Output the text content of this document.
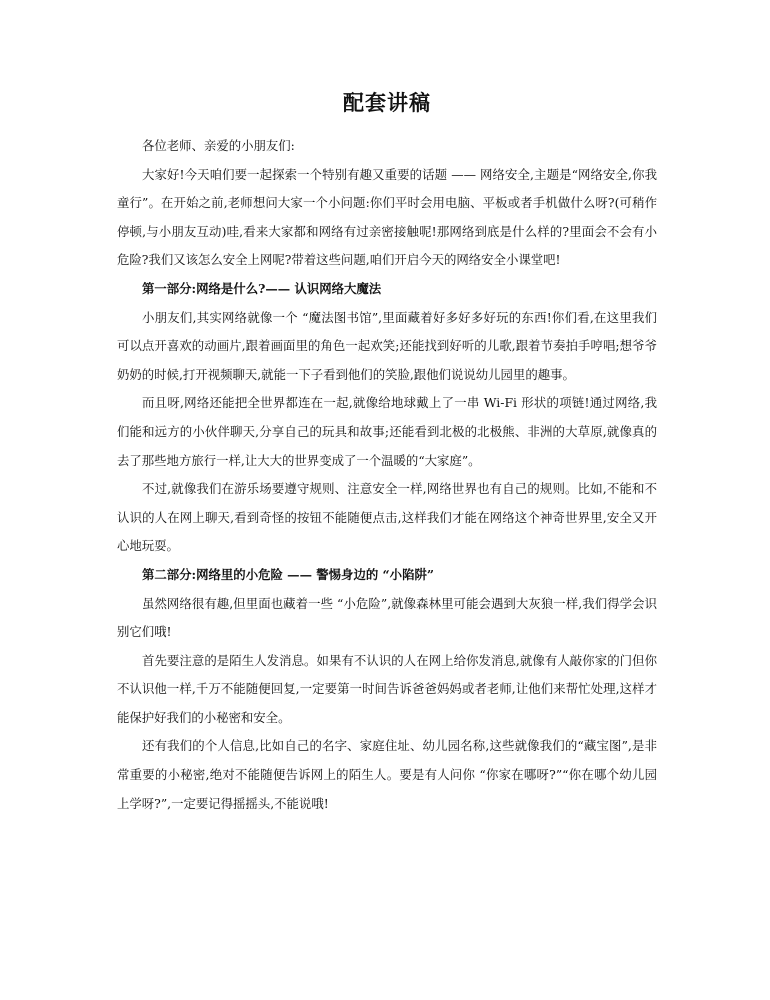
配套讲稿

各位老师、亲爱的小朋友们:

大家好!今天咱们要一起探索一个特别有趣又重要的话题 —— 网络安全,主题是“网络安全,你我童行”。在开始之前,老师想问大家一个小问题:你们平时会用电脑、平板或者手机做什么呀?(可稍作停顿,与小朋友互动)哇,看来大家都和网络有过亲密接触呢!那网络到底是什么样的?里面会不会有小危险?我们又该怎么安全上网呢?带着这些问题,咱们开启今天的网络安全小课堂吧!

第一部分:网络是什么?—— 认识网络大魔法

小朋友们,其实网络就像一个 “魔法图书馆”,里面藏着好多好多好玩的东西!你们看,在这里我们可以点开喜欢的动画片,跟着画面里的角色一起欢笑;还能找到好听的儿歌,跟着节奏拍手哼唱;想爷爷奶奶的时候,打开视频聊天,就能一下子看到他们的笑脸,跟他们说说幼儿园里的趣事。

而且呀,网络还能把全世界都连在一起,就像给地球戴上了一串 Wi-Fi 形状的项链!通过网络,我们能和远方的小伙伴聊天,分享自己的玩具和故事;还能看到北极的北极熊、非洲的大草原,就像真的去了那些地方旅行一样,让大大的世界变成了一个温暖的“大家庭”。

不过,就像我们在游乐场要遵守规则、注意安全一样,网络世界也有自己的规则。比如,不能和不认识的人在网上聊天,看到奇怪的按钮不能随便点击,这样我们才能在网络这个神奇世界里,安全又开心地玩耍。

第二部分:网络里的小危险 —— 警惕身边的 “小陷阱”

虽然网络很有趣,但里面也藏着一些 “小危险”,就像森林里可能会遇到大灰狼一样,我们得学会识别它们哦!

首先要注意的是陌生人发消息。如果有不认识的人在网上给你发消息,就像有人敲你家的门但你不认识他一样,千万不能随便回复,一定要第一时间告诉爸爸妈妈或者老师,让他们来帮忙处理,这样才能保护好我们的小秘密和安全。

还有我们的个人信息,比如自己的名字、家庭住址、幼儿园名称,这些就像我们的“藏宝图”,是非常重要的小秘密,绝对不能随便告诉网上的陌生人。要是有人问你 “你家在哪呀?”“你在哪个幼儿园上学呀?”,一定要记得摇摇头,不能说哦!
